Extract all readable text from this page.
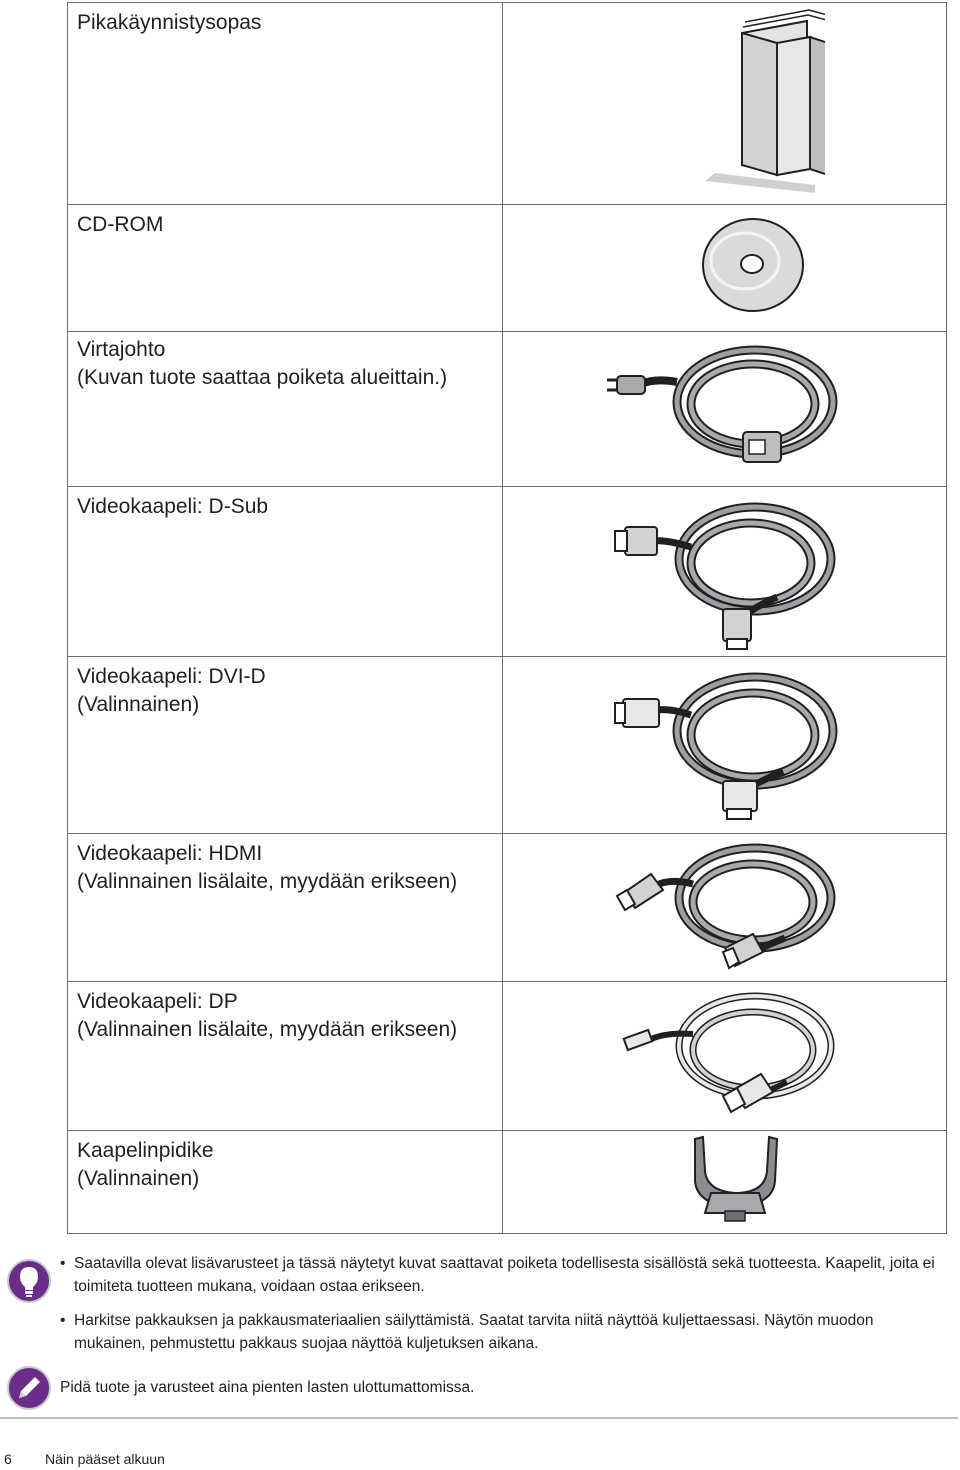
Pikakäynnistysopas

CD-ROM

Virtajohto
(Kuvan tuote saattaa poiketa alueittain.)

Videokaapeli: D-Sub

Videokaapeli: DVI-D
(Valinnainen)

Videokaapeli: HDMI
(Valinnainen lisälaite, myydään erikseen)

Videokaapeli: DP
(Valinnainen lisälaite, myydään erikseen)

Kaapelinpidike
(Valinnainen)

• Saatavilla olevat lisävarusteet ja tässä näytetyt kuvat saattavat poiketa todellisesta sisällöstä sekä tuotteesta. Kaapelit, joita ei toimiteta tuotteen mukana, voidaan ostaa erikseen.
• Harkitse pakkauksen ja pakkausmateriaalien säilyttämistä. Saatat tarvita niitä näyttöä kuljettaessasi. Näytön muodon mukainen, pehmustettu pakkaus suojaa näyttöä kuljetuksen aikana.
Pidä tuote ja varusteet aina pienten lasten ulottumattomissa.
6 Näin pääset alkuun
